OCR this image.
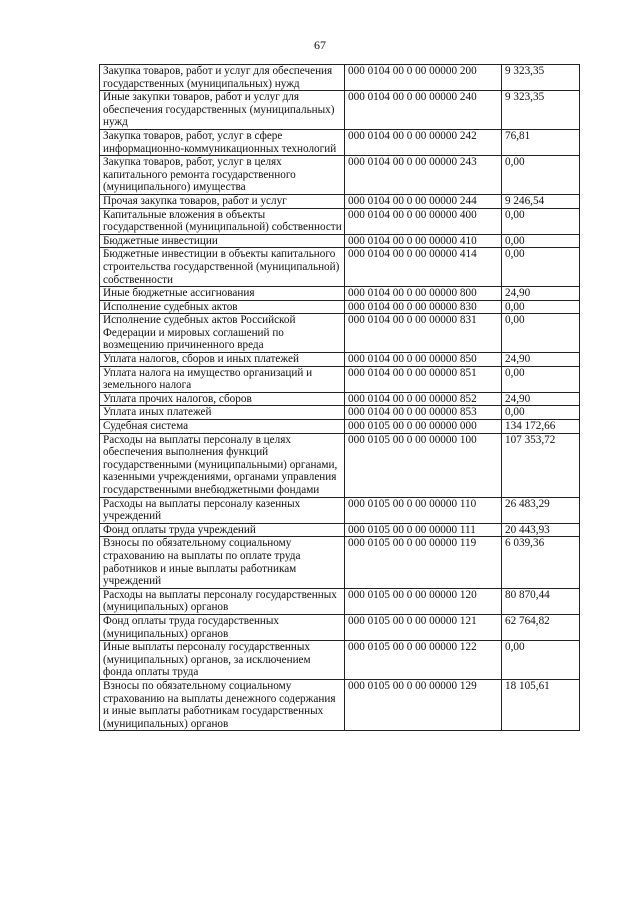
67
Закупка товаров, работ и услуг для обеспечения государственных (муниципальных) нужд	000 0104 00 0 00 00000 200	9 323,35
Иные закупки товаров, работ и услуг для обеспечения государственных (муниципальных) нужд	000 0104 00 0 00 00000 240	9 323,35
Закупка товаров, работ, услуг в сфере информационно-коммуникационных технологий	000 0104 00 0 00 00000 242	76,81
Закупка товаров, работ, услуг в целях капитального ремонта государственного (муниципального) имущества	000 0104 00 0 00 00000 243	0,00
Прочая закупка товаров, работ и услуг	000 0104 00 0 00 00000 244	9 246,54
Капитальные вложения в объекты государственной (муниципальной) собственности	000 0104 00 0 00 00000 400	0,00
Бюджетные инвестиции	000 0104 00 0 00 00000 410	0,00
Бюджетные инвестиции в объекты капитального строительства государственной (муниципальной) собственности	000 0104 00 0 00 00000 414	0,00
Иные бюджетные ассигнования	000 0104 00 0 00 00000 800	24,90
Исполнение судебных актов	000 0104 00 0 00 00000 830	0,00
Исполнение судебных актов Российской Федерации и мировых соглашений по возмещению причиненного вреда	000 0104 00 0 00 00000 831	0,00
Уплата налогов, сборов и иных платежей	000 0104 00 0 00 00000 850	24,90
Уплата налога на имущество организаций и земельного налога	000 0104 00 0 00 00000 851	0,00
Уплата прочих налогов, сборов	000 0104 00 0 00 00000 852	24,90
Уплата иных платежей	000 0104 00 0 00 00000 853	0,00
Судебная система	000 0105 00 0 00 00000 000	134 172,66
Расходы на выплаты персоналу в целях обеспечения выполнения функций государственными (муниципальными) органами, казенными учреждениями, органами управления государственными внебюджетными фондами	000 0105 00 0 00 00000 100	107 353,72
Расходы на выплаты персоналу казенных учреждений	000 0105 00 0 00 00000 110	26 483,29
Фонд оплаты труда учреждений	000 0105 00 0 00 00000 111	20 443,93
Взносы по обязательному социальному страхованию на выплаты по оплате труда работников и иные выплаты работникам учреждений	000 0105 00 0 00 00000 119	6 039,36
Расходы на выплаты персоналу государственных (муниципальных) органов	000 0105 00 0 00 00000 120	80 870,44
Фонд оплаты труда государственных (муниципальных) органов	000 0105 00 0 00 00000 121	62 764,82
Иные выплаты персоналу государственных (муниципальных) органов, за исключением фонда оплаты труда	000 0105 00 0 00 00000 122	0,00
Взносы по обязательному социальному страхованию на выплаты денежного содержания и иные выплаты работникам государственных (муниципальных) органов	000 0105 00 0 00 00000 129	18 105,61
